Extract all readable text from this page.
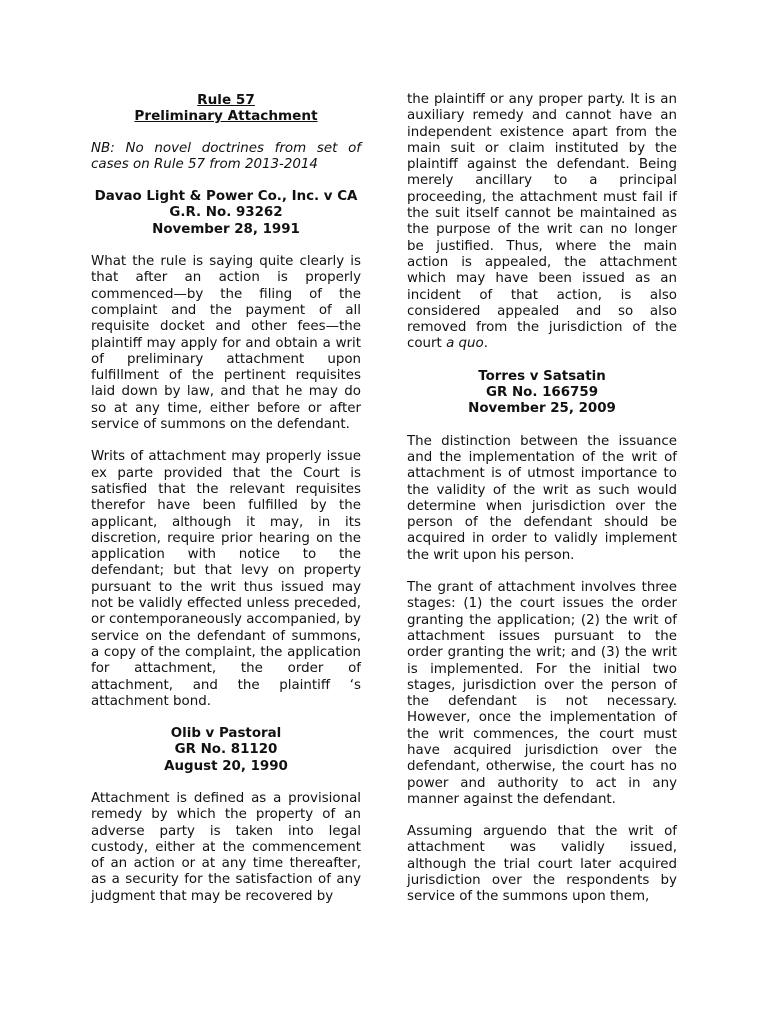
Rule 57
Preliminary Attachment
NB: No novel doctrines from set of cases on Rule 57 from 2013-2014
Davao Light & Power Co., Inc. v CA
G.R. No. 93262
November 28, 1991
What the rule is saying quite clearly is that after an action is properly commenced—by the filing of the complaint and the payment of all requisite docket and other fees—the plaintiff may apply for and obtain a writ of preliminary attachment upon fulfillment of the pertinent requisites laid down by law, and that he may do so at any time, either before or after service of summons on the defendant.
Writs of attachment may properly issue ex parte provided that the Court is satisfied that the relevant requisites therefor have been fulfilled by the applicant, although it may, in its discretion, require prior hearing on the application with notice to the defendant; but that levy on property pursuant to the writ thus issued may not be validly effected unless preceded, or contemporaneously accompanied, by service on the defendant of summons, a copy of the complaint, the application for attachment, the order of attachment, and the plaintiff ‘s attachment bond.
Olib v Pastoral
GR No. 81120
August 20, 1990
Attachment is defined as a provisional remedy by which the property of an adverse party is taken into legal custody, either at the commencement of an action or at any time thereafter, as a security for the satisfaction of any judgment that may be recovered by
the plaintiff or any proper party. It is an auxiliary remedy and cannot have an independent existence apart from the main suit or claim instituted by the plaintiff against the defendant. Being merely ancillary to a principal proceeding, the attachment must fail if the suit itself cannot be maintained as the purpose of the writ can no longer be justified. Thus, where the main action is appealed, the attachment which may have been issued as an incident of that action, is also considered appealed and so also removed from the jurisdiction of the court a quo.
Torres v Satsatin
GR No. 166759
November 25, 2009
The distinction between the issuance and the implementation of the writ of attachment is of utmost importance to the validity of the writ as such would determine when jurisdiction over the person of the defendant should be acquired in order to validly implement the writ upon his person.
The grant of attachment involves three stages: (1) the court issues the order granting the application; (2) the writ of attachment issues pursuant to the order granting the writ; and (3) the writ is implemented. For the initial two stages, jurisdiction over the person of the defendant is not necessary. However, once the implementation of the writ commences, the court must have acquired jurisdiction over the defendant, otherwise, the court has no power and authority to act in any manner against the defendant.
Assuming arguendo that the writ of attachment was validly issued, although the trial court later acquired jurisdiction over the respondents by service of the summons upon them,
